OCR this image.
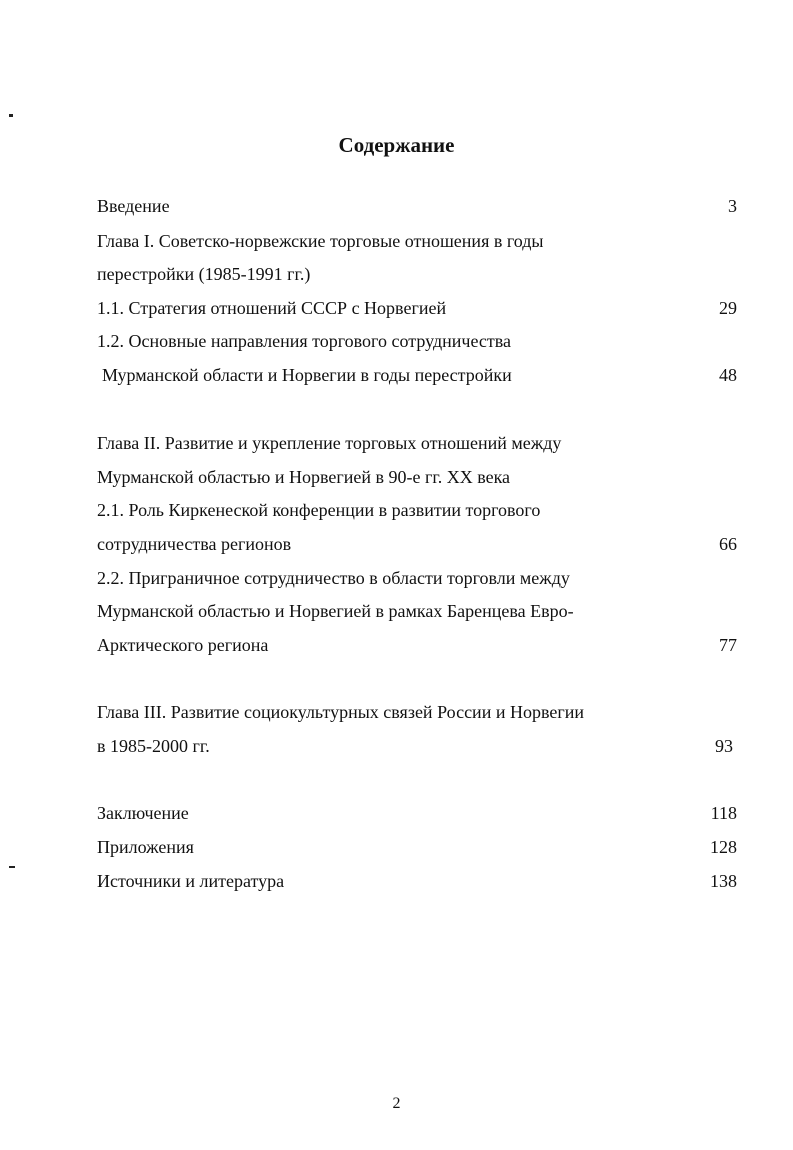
Содержание
Введение	3
Глава I. Советско-норвежские торговые отношения в годы
перестройки (1985-1991 гг.)
1.1. Стратегия отношений СССР с Норвегией	29
1.2. Основные направления торгового сотрудничества
Мурманской области и Норвегии в годы перестройки	48
Глава II. Развитие и укрепление торговых отношений между
Мурманской областью и Норвегией в 90-е гг. XX века
2.1. Роль Киркенеской конференции в развитии торгового
сотрудничества регионов	66
2.2. Приграничное сотрудничество в области торговли между
Мурманской областью и Норвегией в рамках Баренцева Евро-
Арктического региона	77
Глава III. Развитие социокультурных связей России и Норвегии
в 1985-2000 гг.	93
Заключение	118
Приложения	128
Источники и литература	138
2
